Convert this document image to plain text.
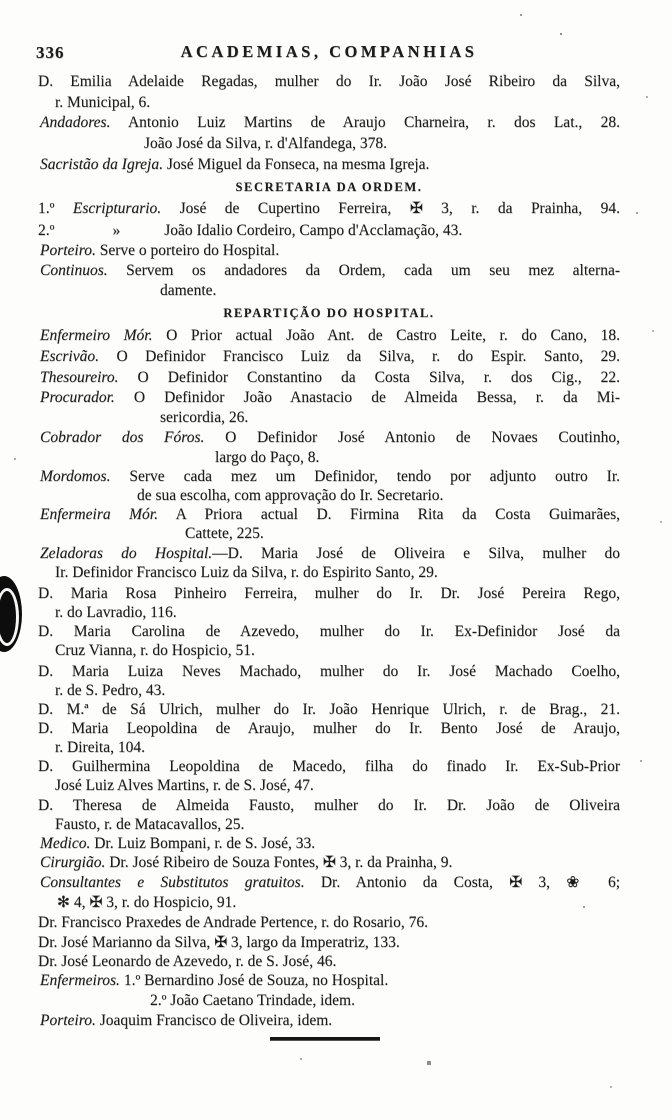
336	ACADEMIAS, COMPANHIAS
D. Emilia Adelaide Regadas, mulher do Ir. João José Ribeiro da Silva,
r. Municipal, 6.
Andadores. Antonio Luiz Martins de Araujo Charneira, r. dos Lat., 28.
João José da Silva, r. d'Alfandega, 378.
Sacristão da Igreja. José Miguel da Fonseca, na mesma Igreja.
SECRETARIA DA ORDEM.
1.º Escripturario. José de Cupertino Ferreira, ✠ 3, r. da Prainha, 94.
2.º	»	João Idalio Cordeiro, Campo d'Acclamação, 43.
Porteiro. Serve o porteiro do Hospital.
Continuos. Servem os andadores da Ordem, cada um seu mez alterna-
damente.
REPARTIÇÃO DO HOSPITAL.
Enfermeiro Mór. O Prior actual João Ant. de Castro Leite, r. do Cano, 18.
Escrivão. O Definidor Francisco Luiz da Silva, r. do Espir. Santo, 29.
Thesoureiro. O Definidor Constantino da Costa Silva, r. dos Cig., 22.
Procurador. O Definidor João Anastacio de Almeida Bessa, r. da Mi-
sericordia, 26.
Cobrador dos Fóros. O Definidor José Antonio de Novaes Coutinho,
largo do Paço, 8.
Mordomos. Serve cada mez um Definidor, tendo por adjunto outro Ir.
de sua escolha, com approvação do Ir. Secretario.
Enfermeira Mór. A Priora actual D. Firmina Rita da Costa Guimarães,
Cattete, 225.
Zeladoras do Hospital.—D. Maria José de Oliveira e Silva, mulher do
Ir. Definidor Francisco Luiz da Silva, r. do Espirito Santo, 29.
D. Maria Rosa Pinheiro Ferreira, mulher do Ir. Dr. José Pereira Rego,
r. do Lavradio, 116.
D. Maria Carolina de Azevedo, mulher do Ir. Ex-Definidor José da
Cruz Vianna, r. do Hospicio, 51.
D. Maria Luiza Neves Machado, mulher do Ir. José Machado Coelho,
r. de S. Pedro, 43.
D. M.ª de Sá Ulrich, mulher do Ir. João Henrique Ulrich, r. de Brag., 21.
D. Maria Leopoldina de Araujo, mulher do Ir. Bento José de Araujo,
r. Direita, 104.
D. Guilhermina Leopoldina de Macedo, filha do finado Ir. Ex-Sub-Prior
José Luiz Alves Martins, r. de S. José, 47.
D. Theresa de Almeida Fausto, mulher do Ir. Dr. João de Oliveira
Fausto, r. de Matacavallos, 25.
Medico. Dr. Luiz Bompani, r. de S. José, 33.
Cirurgião. Dr. José Ribeiro de Souza Fontes, ✠ 3, r. da Prainha, 9.
Consultantes e Substitutos gratuitos. Dr. Antonio da Costa, ✠ 3, ❀ 6;
✻ 4, ✠ 3, r. do Hospicio, 91.
Dr. Francisco Praxedes de Andrade Pertence, r. do Rosario, 76.
Dr. José Marianno da Silva, ✠ 3, largo da Imperatriz, 133.
Dr. José Leonardo de Azevedo, r. de S. José, 46.
Enfermeiros. 1.º Bernardino José de Souza, no Hospital.
2.º João Caetano Trindade, idem.
Porteiro. Joaquim Francisco de Oliveira, idem.
